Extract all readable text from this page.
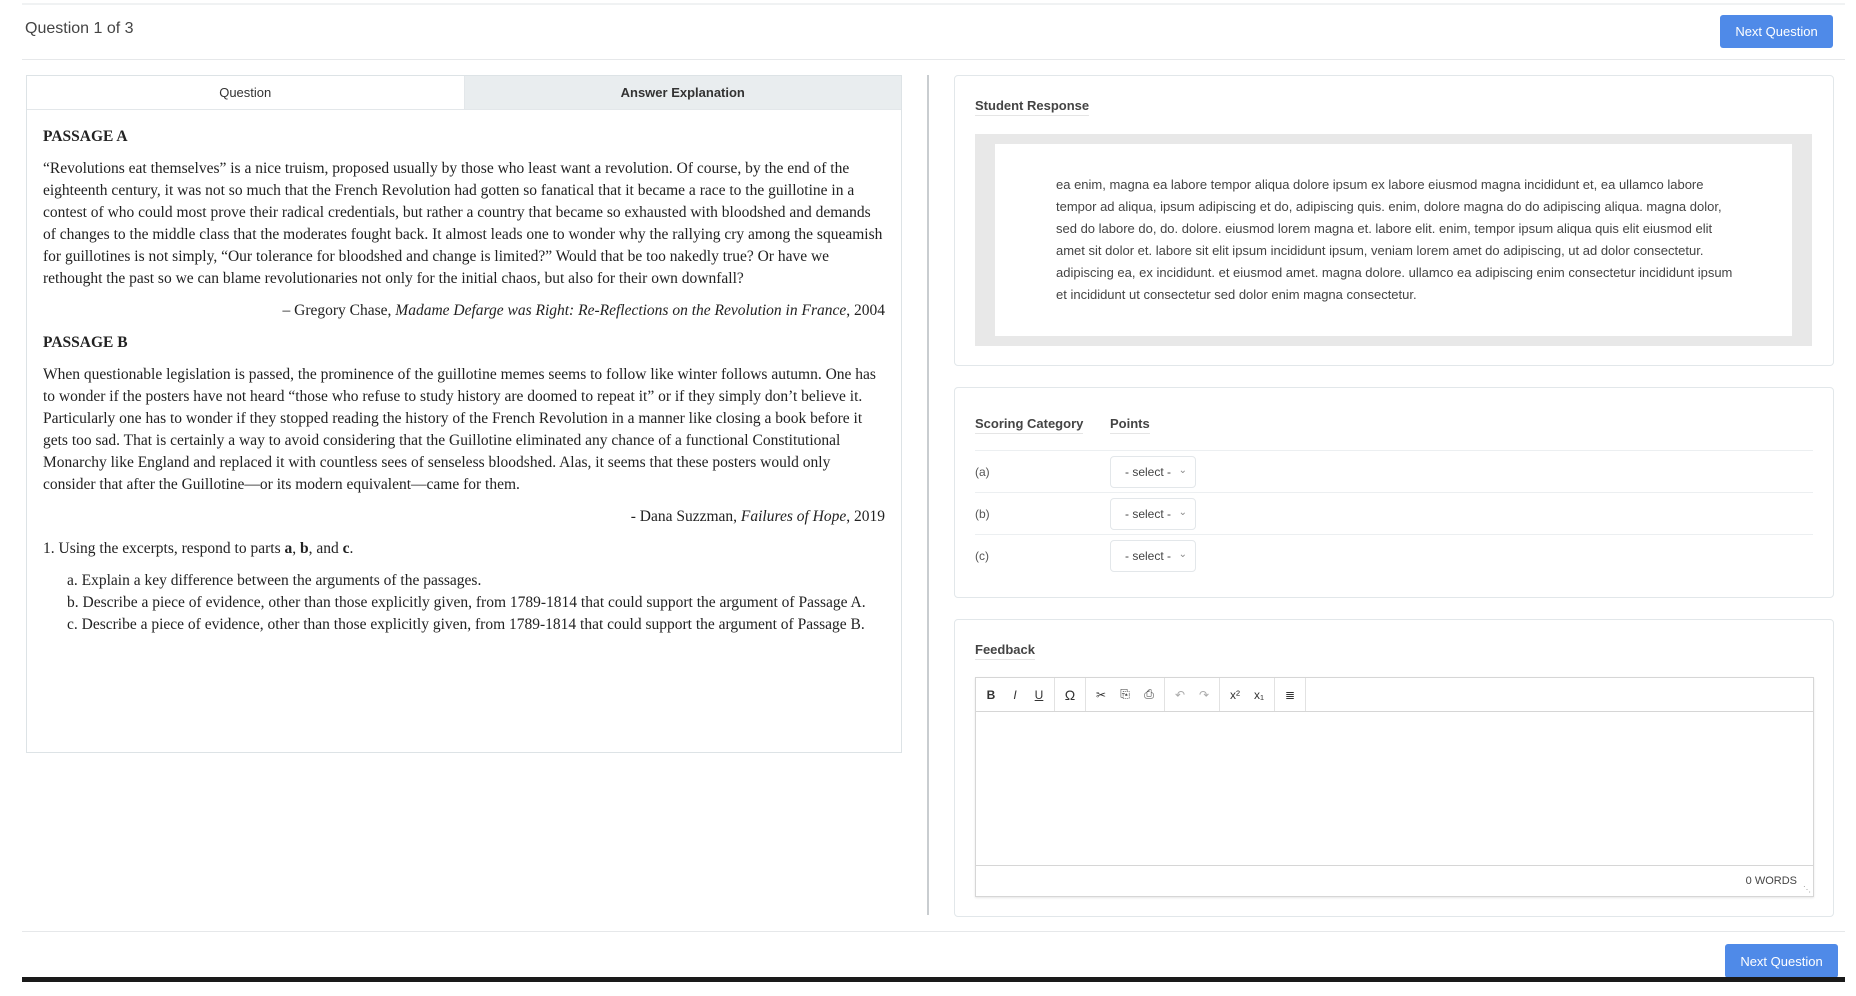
Question 1 of 3	Next Question
Question	Answer Explanation
PASSAGE A

“Revolutions eat themselves” is a nice truism, proposed usually by those who least want a revolution. Of course, by the end of the eighteenth century, it was not so much that the French Revolution had gotten so fanatical that it became a race to the guillotine in a contest of who could most prove their radical credentials, but rather a country that became so exhausted with bloodshed and demands of changes to the middle class that the moderates fought back. It almost leads one to wonder why the rallying cry among the squeamish for guillotines is not simply, “Our tolerance for bloodshed and change is limited?” Would that be too nakedly true? Or have we rethought the past so we can blame revolutionaries not only for the initial chaos, but also for their own downfall?

– Gregory Chase, Madame Defarge was Right: Re-Reflections on the Revolution in France, 2004

PASSAGE B

When questionable legislation is passed, the prominence of the guillotine memes seems to follow like winter follows autumn. One has to wonder if the posters have not heard “those who refuse to study history are doomed to repeat it” or if they simply don’t believe it. Particularly one has to wonder if they stopped reading the history of the French Revolution in a manner like closing a book before it gets too sad. That is certainly a way to avoid considering that the Guillotine eliminated any chance of a functional Constitutional Monarchy like England and replaced it with countless sees of senseless bloodshed. Alas, it seems that these posters would only consider that after the Guillotine—or its modern equivalent—came for them.

- Dana Suzzman, Failures of Hope, 2019

1. Using the excerpts, respond to parts a, b, and c.

a. Explain a key difference between the arguments of the passages.
b. Describe a piece of evidence, other than those explicitly given, from 1789-1814 that could support the argument of Passage A.
c. Describe a piece of evidence, other than those explicitly given, from 1789-1814 that could support the argument of Passage B.
Student Response
ea enim, magna ea labore tempor aliqua dolore ipsum ex labore eiusmod magna incididunt et, ea ullamco labore tempor ad aliqua, ipsum adipiscing et do, adipiscing quis. enim, dolore magna do do adipiscing aliqua. magna dolor, sed do labore do, do. dolore. eiusmod lorem magna et. labore elit. enim, tempor ipsum aliqua quis elit eiusmod elit amet sit dolor et. labore sit elit ipsum incididunt ipsum, veniam lorem amet do adipiscing, ut ad dolor consectetur. adipiscing ea, ex incididunt. et eiusmod amet. magna dolore. ullamco ea adipiscing enim consectetur incididunt ipsum et incididunt ut consectetur sed dolor enim magna consectetur.
Scoring Category Points
(a)	- select - ⌄
(b)	- select - ⌄
(c)	- select - ⌄
Feedback
B	I	U	Ω	✂	⎘	⎙	↶	↷	x²	x₁	≣
0 WORDS
⋱
Next Question
